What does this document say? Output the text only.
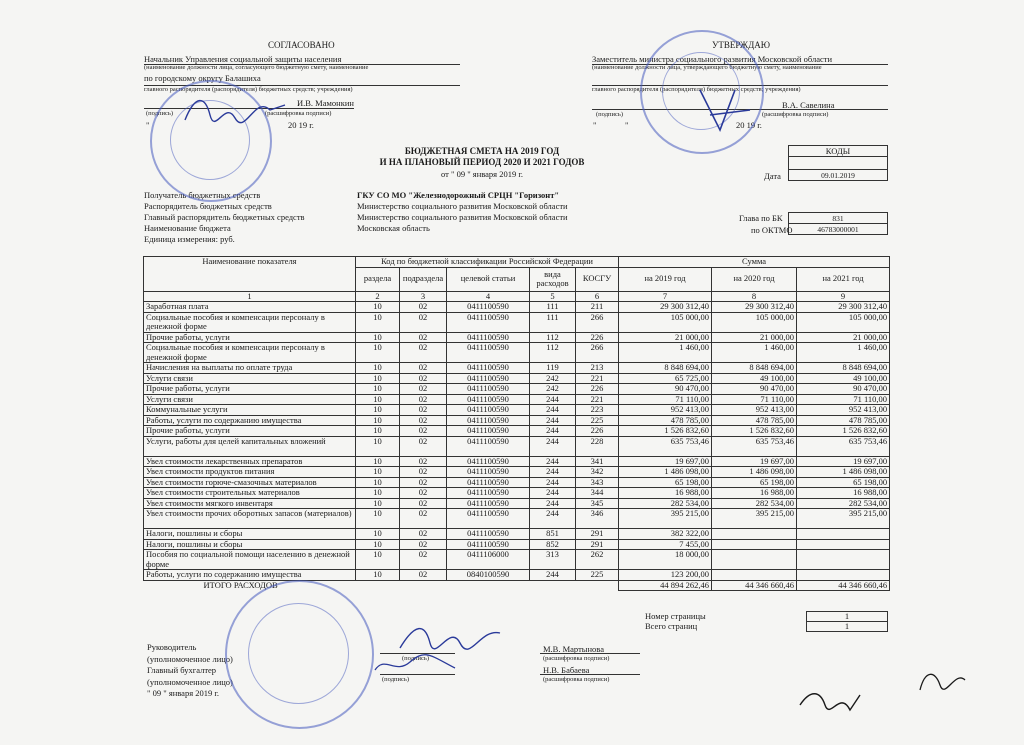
СОГЛАСОВАНО
Начальник Управления социальной защиты населения
(наименование должности лица, согласующего бюджетную смету, наименование
по городскому округу Балашиха
главного распорядителя (распорядителя) бюджетных средств; учреждения)
И.В. Мамонкин
(подпись)	(расшифровка подписи)
"	20 19 г.
УТВЕРЖДАЮ
Заместитель министра социального развития Московской области
(наименование должности лица, утверждающего бюджетную смету, наименование
главного распорядителя (распорядителя) бюджетных средств; учреждения)
В.А. Савелина
(подпись)	(расшифровка подписи)
"	"	20 19 г.
БЮДЖЕТНАЯ СМЕТА НА 2019 ГОД
И НА ПЛАНОВЫЙ ПЕРИОД 2020 И 2021 ГОДОВ
от " 09 " января 2019 г.
КОДЫ

09.01.2019
Дата
831
46783000001
Глава по БК
по ОКТМО
Получатель бюджетных средств	ГКУ СО МО "Железнодорожный СРЦН "Горизонт"
Распорядитель бюджетных средств	Министерство социального развития Московской области
Главный распорядитель бюджетных средств	Министерство социального развития Московской области
Наименование бюджета	Московская область
Единица измерения: руб.
Наименование показателя	Код по бюджетной классификации Российской Федерации					Сумма		
	раздела	подраздела	целевой статьи	вида расходов	КОСГУ	на 2019 год	на 2020 год	на 2021 год
1	2	3	4	5	6	7	8	9
Заработная плата	10	02	0411100590	111	211	29 300 312,40	29 300 312,40	29 300 312,40
Социальные пособия и компенсации персоналу в денежной форме	10	02	0411100590	111	266	105 000,00	105 000,00	105 000,00
Прочие работы, услуги	10	02	0411100590	112	226	21 000,00	21 000,00	21 000,00
Социальные пособия и компенсации персоналу в денежной форме	10	02	0411100590	112	266	1 460,00	1 460,00	1 460,00
Начисления на выплаты по оплате труда	10	02	0411100590	119	213	8 848 694,00	8 848 694,00	8 848 694,00
Услуги связи	10	02	0411100590	242	221	65 725,00	49 100,00	49 100,00
Прочие работы, услуги	10	02	0411100590	242	226	90 470,00	90 470,00	90 470,00
Услуги связи	10	02	0411100590	244	221	71 110,00	71 110,00	71 110,00
Коммунальные услуги	10	02	0411100590	244	223	952 413,00	952 413,00	952 413,00
Работы, услуги по содержанию имущества	10	02	0411100590	244	225	478 785,00	478 785,00	478 785,00
Прочие работы, услуги	10	02	0411100590	244	226	1 526 832,60	1 526 832,60	1 526 832,60
Услуги, работы для целей капитальных вложений	10	02	0411100590	244	228	635 753,46	635 753,46	635 753,46
Увел стоимости лекарственных препаратов	10	02	0411100590	244	341	19 697,00	19 697,00	19 697,00
Увел стоимости продуктов питания	10	02	0411100590	244	342	1 486 098,00	1 486 098,00	1 486 098,00
Увел стоимости горюче-смазочных материалов	10	02	0411100590	244	343	65 198,00	65 198,00	65 198,00
Увел стоимости строительных материалов	10	02	0411100590	244	344	16 988,00	16 988,00	16 988,00
Увел стоимости мягкого инвентаря	10	02	0411100590	244	345	282 534,00	282 534,00	282 534,00
Увел стоимости прочих оборотных запасов (материалов)	10	02	0411100590	244	346	395 215,00	395 215,00	395 215,00
Налоги, пошлины и сборы	10	02	0411100590	851	291	382 322,00		
Налоги, пошлины и сборы	10	02	0411100590	852	291	7 455,00		
Пособия по социальной помощи населению в денежной форме	10	02	0411106000	313	262	18 000,00		
Работы, услуги по содержанию имущества	10	02	0840100590	244	225	123 200,00		
ИТОГО РАСХОДОВ						44 894 262,46	44 346 660,46	44 346 660,46
Номер страницы
Всего страниц
1
1
Руководитель
(уполномоченное лицо)	(подпись)
М.В. Мартынова
(расшифровка подписи)
Главный бухгалтер
(уполномоченное лицо)	(подпись)
Н.В. Бабаева
(расшифровка подписи)
" 09 " января 2019 г.
